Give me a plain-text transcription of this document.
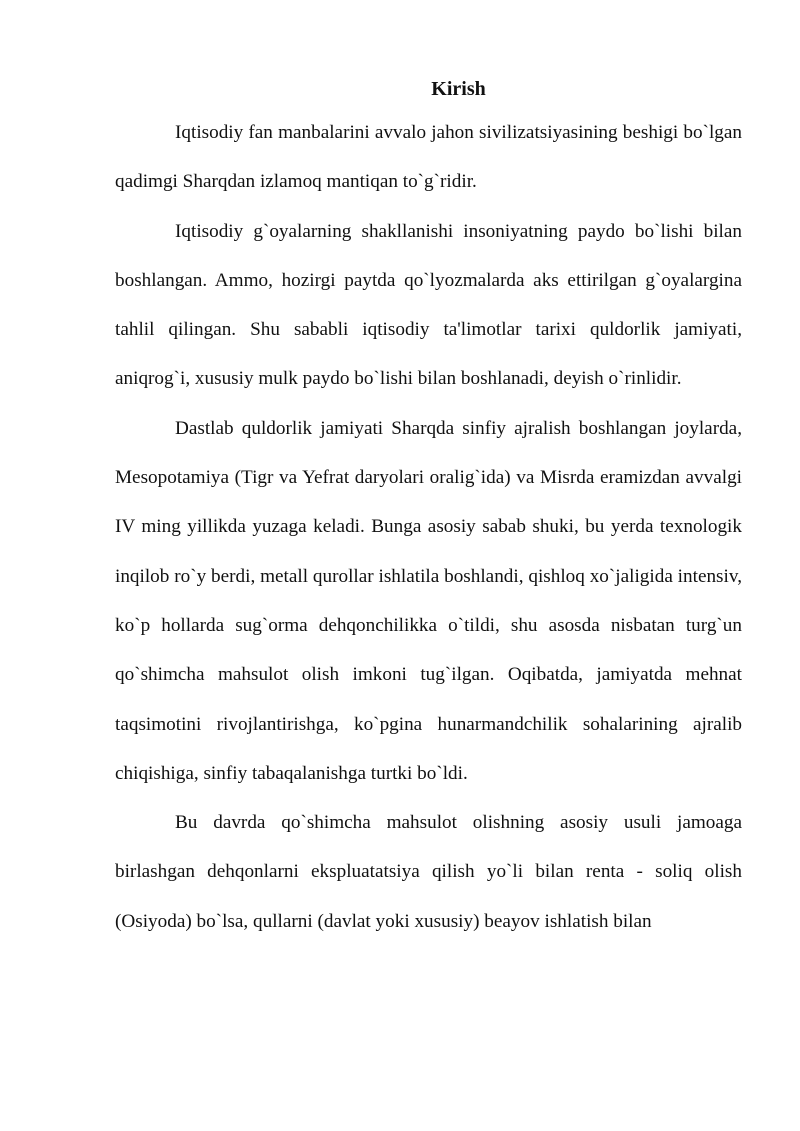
Kirish

Iqtisodiy fan manbalarini avvalo jahon sivilizatsiyasining beshigi bo`lgan qadimgi Sharqdan izlamoq mantiqan to`g`ridir.

Iqtisodiy g`oyalarning shakllanishi insoniyatning paydo bo`lishi bilan boshlangan. Ammo, hozirgi paytda qo`lyozmalarda aks ettirilgan g`oyalargina tahlil qilingan. Shu sababli iqtisodiy ta'limotlar tarixi quldorlik jamiyati, aniqrog`i, xususiy mulk paydo bo`lishi bilan boshlanadi, deyish o`rinlidir.

Dastlab quldorlik jamiyati Sharqda sinfiy ajralish boshlangan joylarda, Mesopotamiya (Tigr va Yefrat daryolari oralig`ida) va Misrda eramizdan avvalgi IV ming yillikda yuzaga keladi. Bunga asosiy sabab shuki, bu yerda texnologik inqilob ro`y berdi, metall qurollar ishlatila boshlandi, qishloq xo`jaligida intensiv, ko`p hollarda sug`orma dehqonchilikka o`tildi, shu asosda nisbatan turg`un qo`shimcha mahsulot olish imkoni tug`ilgan. Oqibatda, jamiyatda mehnat taqsimotini rivojlantirishga, ko`pgina hunarmandchilik sohalarining ajralib chiqishiga, sinfiy tabaqalanishga turtki bo`ldi.

Bu davrda qo`shimcha mahsulot olishning asosiy usuli jamoaga birlashgan dehqonlarni ekspluatatsiya qilish yo`li bilan renta - soliq olish (Osiyoda) bo`lsa, qullarni (davlat yoki xususiy) beayov ishlatish bilan
